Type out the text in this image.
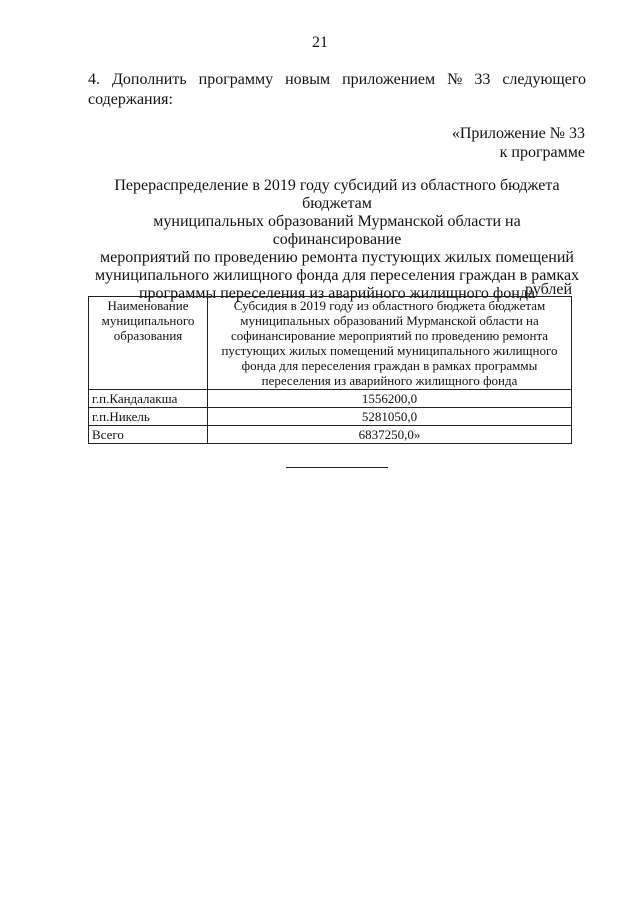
21
4. Дополнить программу новым приложением № 33 следующего
содержания:
«Приложение № 33
к программе
Перераспределение в 2019 году субсидий из областного бюджета бюджетам
муниципальных образований Мурманской области на софинансирование
мероприятий по проведению ремонта пустующих жилых помещений
муниципального жилищного фонда для переселения граждан в рамках
программы переселения из аварийного жилищного фонда
рублей
Наименование муниципального образования	Субсидия в 2019 году из областного бюджета бюджетам муниципальных образований Мурманской области на софинансирование мероприятий по проведению ремонта пустующих жилых помещений муниципального жилищного фонда для переселения граждан в рамках программы переселения из аварийного жилищного фонда
г.п.Кандалакша	1556200,0
г.п.Никель	5281050,0
Всего	6837250,0»
